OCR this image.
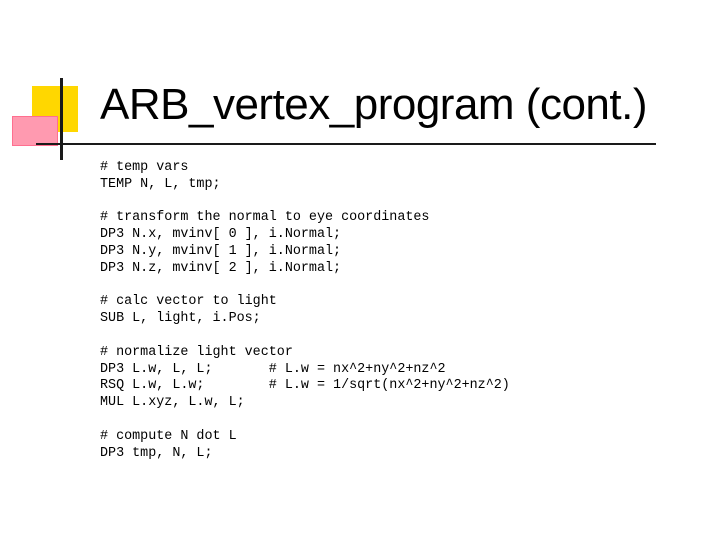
ARB_vertex_program (cont.)
# temp vars
TEMP N, L, tmp;
# transform the normal to eye coordinates
DP3 N.x, mvinv[ 0 ], i.Normal;
DP3 N.y, mvinv[ 1 ], i.Normal;
DP3 N.z, mvinv[ 2 ], i.Normal;
# calc vector to light
SUB L, light, i.Pos;
# normalize light vector
DP3 L.w, L, L;       # L.w = nx^2+ny^2+nz^2
RSQ L.w, L.w;        # L.w = 1/sqrt(nx^2+ny^2+nz^2)
MUL L.xyz, L.w, L;
# compute N dot L
DP3 tmp, N, L;
